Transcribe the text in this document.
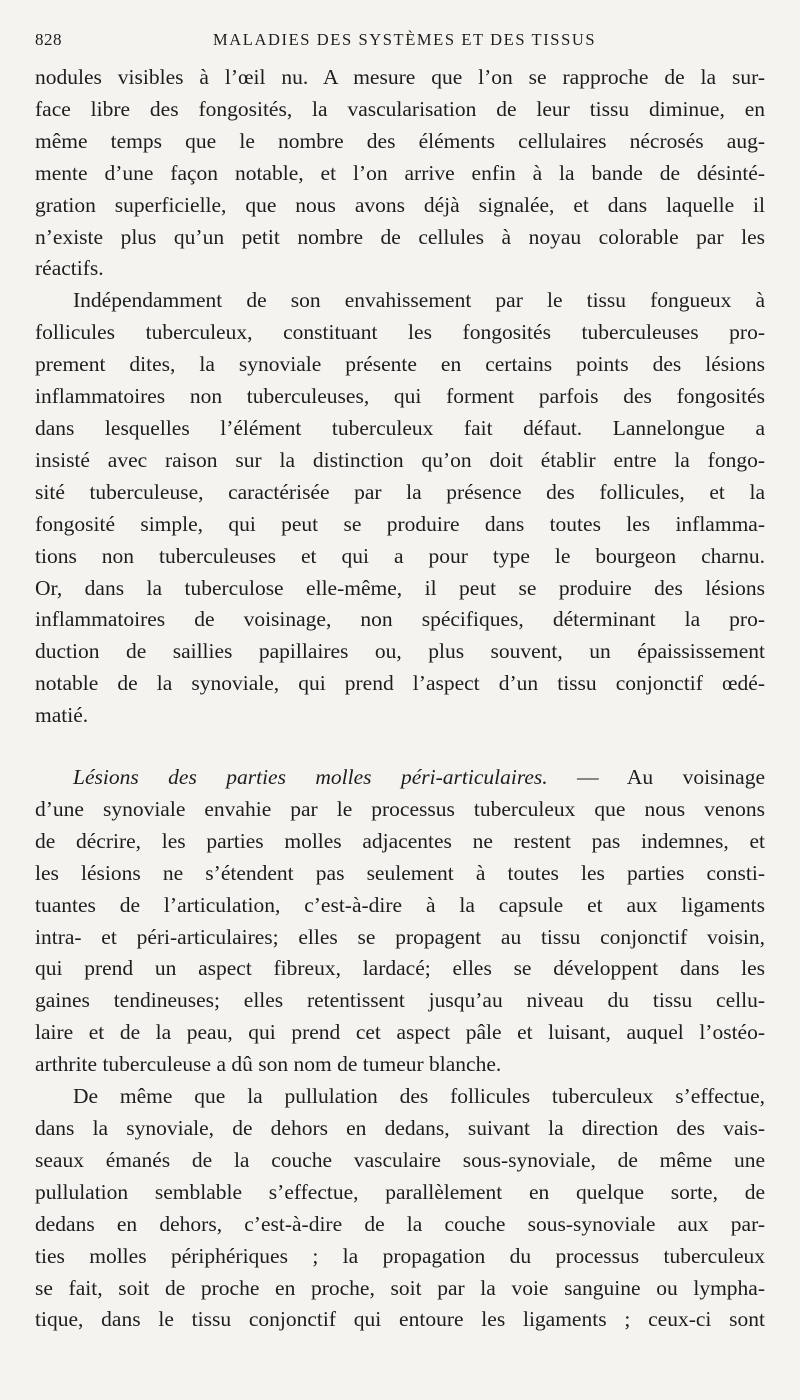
828	MALADIES DES SYSTÈMES ET DES TISSUS

nodules visibles à l’œil nu. A mesure que l’on se rapproche de la sur-
face libre des fongosités, la vascularisation de leur tissu diminue, en
même temps que le nombre des éléments cellulaires nécrosés aug-
mente d’une façon notable, et l’on arrive enfin à la bande de désinté-
gration superficielle, que nous avons déjà signalée, et dans laquelle il
n’existe plus qu’un petit nombre de cellules à noyau colorable par les
réactifs.

Indépendamment de son envahissement par le tissu fongueux à
follicules tuberculeux, constituant les fongosités tuberculeuses pro-
prement dites, la synoviale présente en certains points des lésions
inflammatoires non tuberculeuses, qui forment parfois des fongosités
dans lesquelles l’élément tuberculeux fait défaut. Lannelongue a
insisté avec raison sur la distinction qu’on doit établir entre la fongo-
sité tuberculeuse, caractérisée par la présence des follicules, et la
fongosité simple, qui peut se produire dans toutes les inflamma-
tions non tuberculeuses et qui a pour type le bourgeon charnu.
Or, dans la tuberculose elle-même, il peut se produire des lésions
inflammatoires de voisinage, non spécifiques, déterminant la pro-
duction de saillies papillaires ou, plus souvent, un épaississement
notable de la synoviale, qui prend l’aspect d’un tissu conjonctif œdé-
matié.

Lésions des parties molles péri-articulaires. — Au voisinage
d’une synoviale envahie par le processus tuberculeux que nous venons
de décrire, les parties molles adjacentes ne restent pas indemnes, et
les lésions ne s’étendent pas seulement à toutes les parties consti-
tuantes de l’articulation, c’est-à-dire à la capsule et aux ligaments
intra- et péri-articulaires; elles se propagent au tissu conjonctif voisin,
qui prend un aspect fibreux, lardacé; elles se développent dans les
gaines tendineuses; elles retentissent jusqu’au niveau du tissu cellu-
laire et de la peau, qui prend cet aspect pâle et luisant, auquel l’ostéo-
arthrite tuberculeuse a dû son nom de tumeur blanche.

De même que la pullulation des follicules tuberculeux s’effectue,
dans la synoviale, de dehors en dedans, suivant la direction des vais-
seaux émanés de la couche vasculaire sous-synoviale, de même une
pullulation semblable s’effectue, parallèlement en quelque sorte, de
dedans en dehors, c’est-à-dire de la couche sous-synoviale aux par-
ties molles périphériques ; la propagation du processus tuberculeux
se fait, soit de proche en proche, soit par la voie sanguine ou lympha-
tique, dans le tissu conjonctif qui entoure les ligaments ; ceux-ci sont
